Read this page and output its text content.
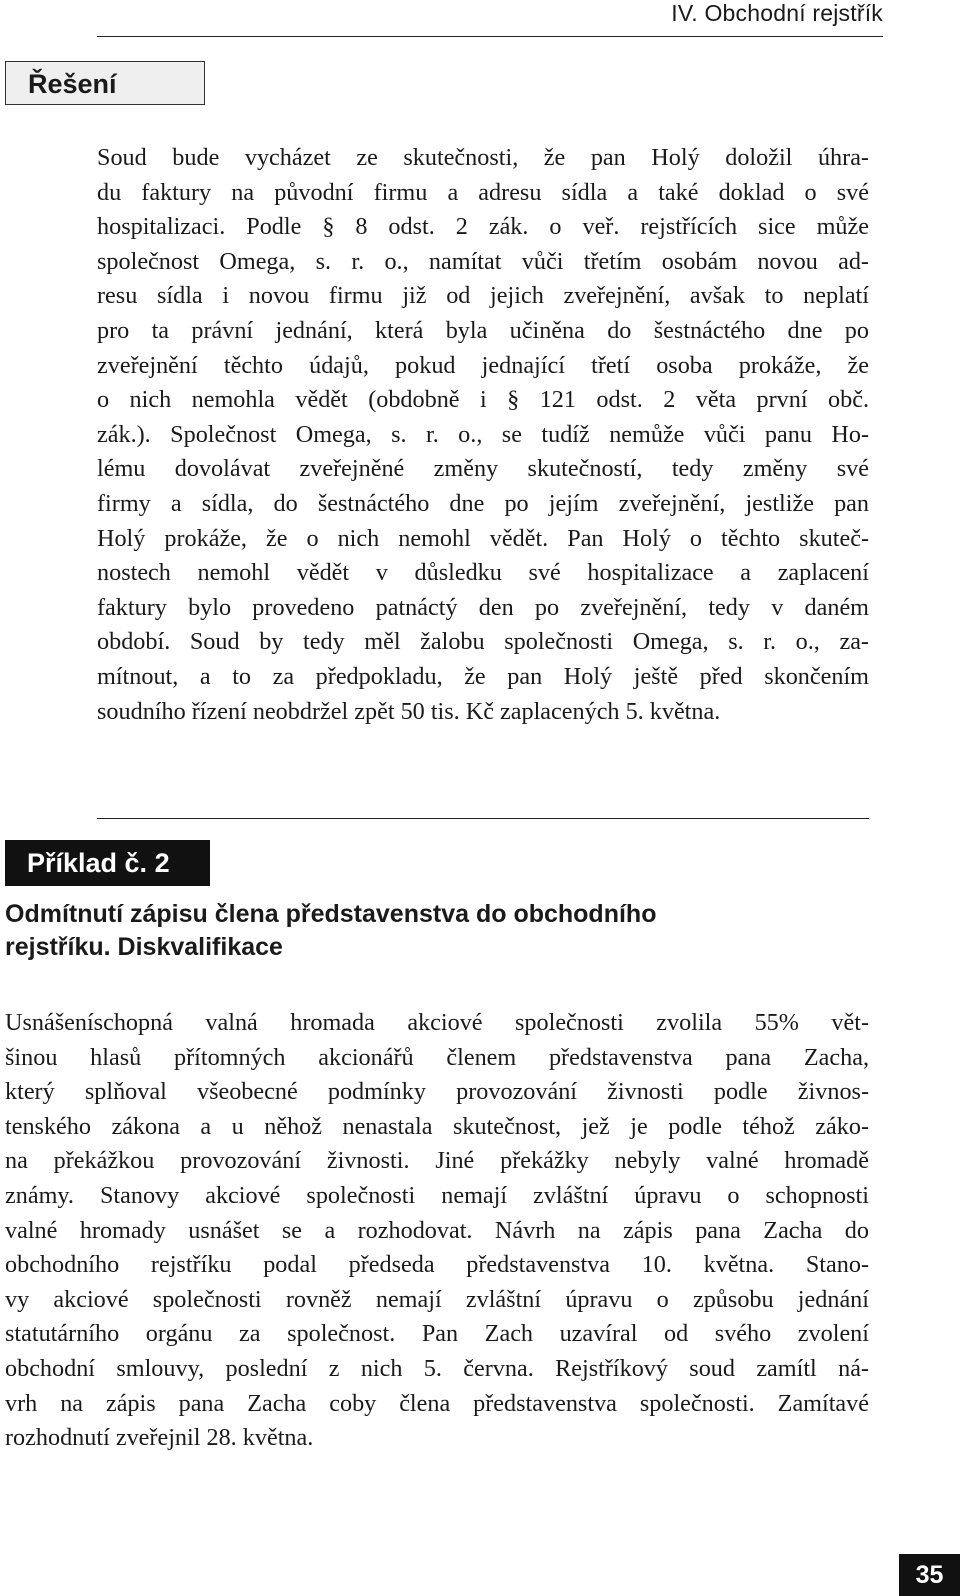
IV. Obchodní rejstřík
Řešení
Soud bude vycházet ze skutečnosti, že pan Holý doložil úhra-
du faktury na původní firmu a adresu sídla a také doklad o své
hospitalizaci. Podle § 8 odst. 2 zák. o veř. rejstřících sice může
společnost Omega, s. r. o., namítat vůči třetím osobám novou ad-
resu sídla i novou firmu již od jejich zveřejnění, avšak to neplatí
pro ta právní jednání, která byla učiněna do šestnáctého dne po
zveřejnění těchto údajů, pokud jednající třetí osoba prokáže, že
o nich nemohla vědět (obdobně i § 121 odst. 2 věta první obč.
zák.). Společnost Omega, s. r. o., se tudíž nemůže vůči panu Ho-
lému dovolávat zveřejněné změny skutečností, tedy změny své
firmy a sídla, do šestnáctého dne po jejím zveřejnění, jestliže pan
Holý prokáže, že o nich nemohl vědět. Pan Holý o těchto skuteč-
nostech nemohl vědět v důsledku své hospitalizace a zaplacení
faktury bylo provedeno patnáctý den po zveřejnění, tedy v daném
období. Soud by tedy měl žalobu společnosti Omega, s. r. o., za-
mítnout, a to za předpokladu, že pan Holý ještě před skončením
soudního řízení neobdržel zpět 50 tis. Kč zaplacených 5. května.
Příklad č. 2
Odmítnutí zápisu člena představenstva do obchodního
rejstříku. Diskvalifikace
Usnášeníschopná valná hromada akciové společnosti zvolila 55% vět-
šinou hlasů přítomných akcionářů členem představenstva pana Zacha,
který splňoval všeobecné podmínky provozování živnosti podle živnos-
tenského zákona a u něhož nenastala skutečnost, jež je podle téhož záko-
na překážkou provozování živnosti. Jiné překážky nebyly valné hromadě
známy. Stanovy akciové společnosti nemají zvláštní úpravu o schopnosti
valné hromady usnášet se a rozhodovat. Návrh na zápis pana Zacha do
obchodního rejstříku podal předseda představenstva 10. května. Stano-
vy akciové společnosti rovněž nemají zvláštní úpravu o způsobu jednání
statutárního orgánu za společnost. Pan Zach uzavíral od svého zvolení
obchodní smlouvy, poslední z nich 5. června. Rejstříkový soud zamítl ná-
vrh na zápis pana Zacha coby člena představenstva společnosti. Zamítavé
rozhodnutí zveřejnil 28. května.
35
